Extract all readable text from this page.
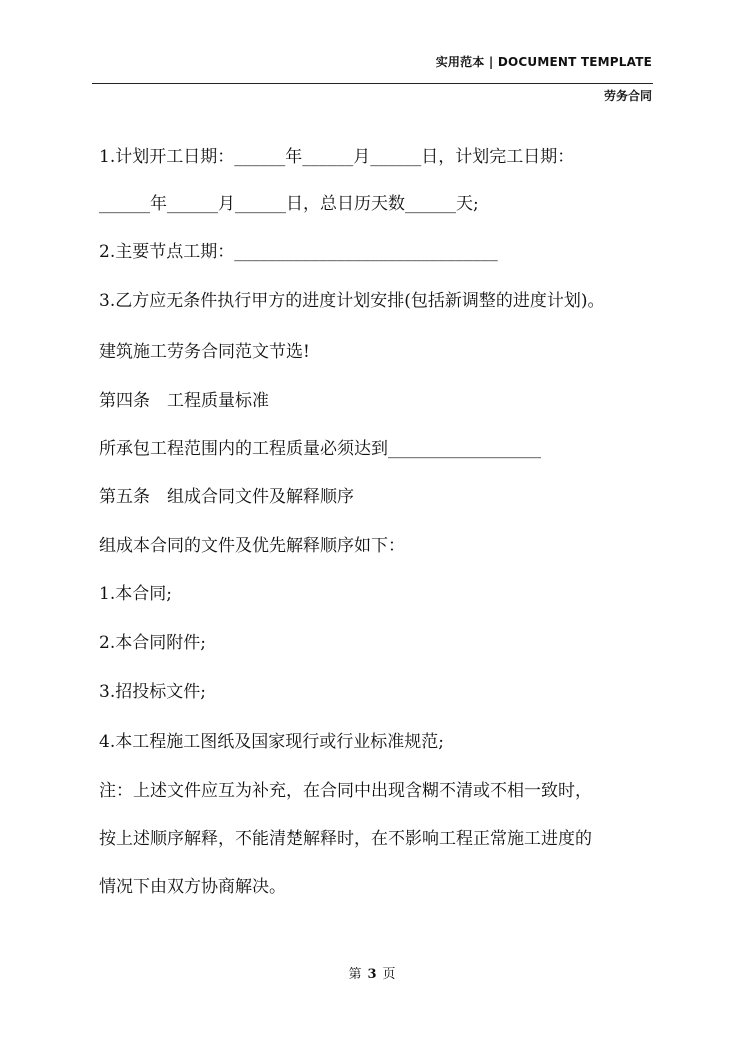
实用范本 | DOCUMENT TEMPLATE
劳务合同
1.计划开工日期：______年______月______日，计划完工日期：
______年______月______日，总日历天数______天;
2.主要节点工期：_______________________________
3.乙方应无条件执行甲方的进度计划安排(包括新调整的进度计划)。
建筑施工劳务合同范文节选!
第四条　工程质量标准
所承包工程范围内的工程质量必须达到__________________
第五条　组成合同文件及解释顺序
组成本合同的文件及优先解释顺序如下：
1.本合同;
2.本合同附件;
3.招投标文件;
4.本工程施工图纸及国家现行或行业标准规范;
注：上述文件应互为补充，在合同中出现含糊不清或不相一致时，
按上述顺序解释，不能清楚解释时，在不影响工程正常施工进度的
情况下由双方协商解决。
第 3 页
